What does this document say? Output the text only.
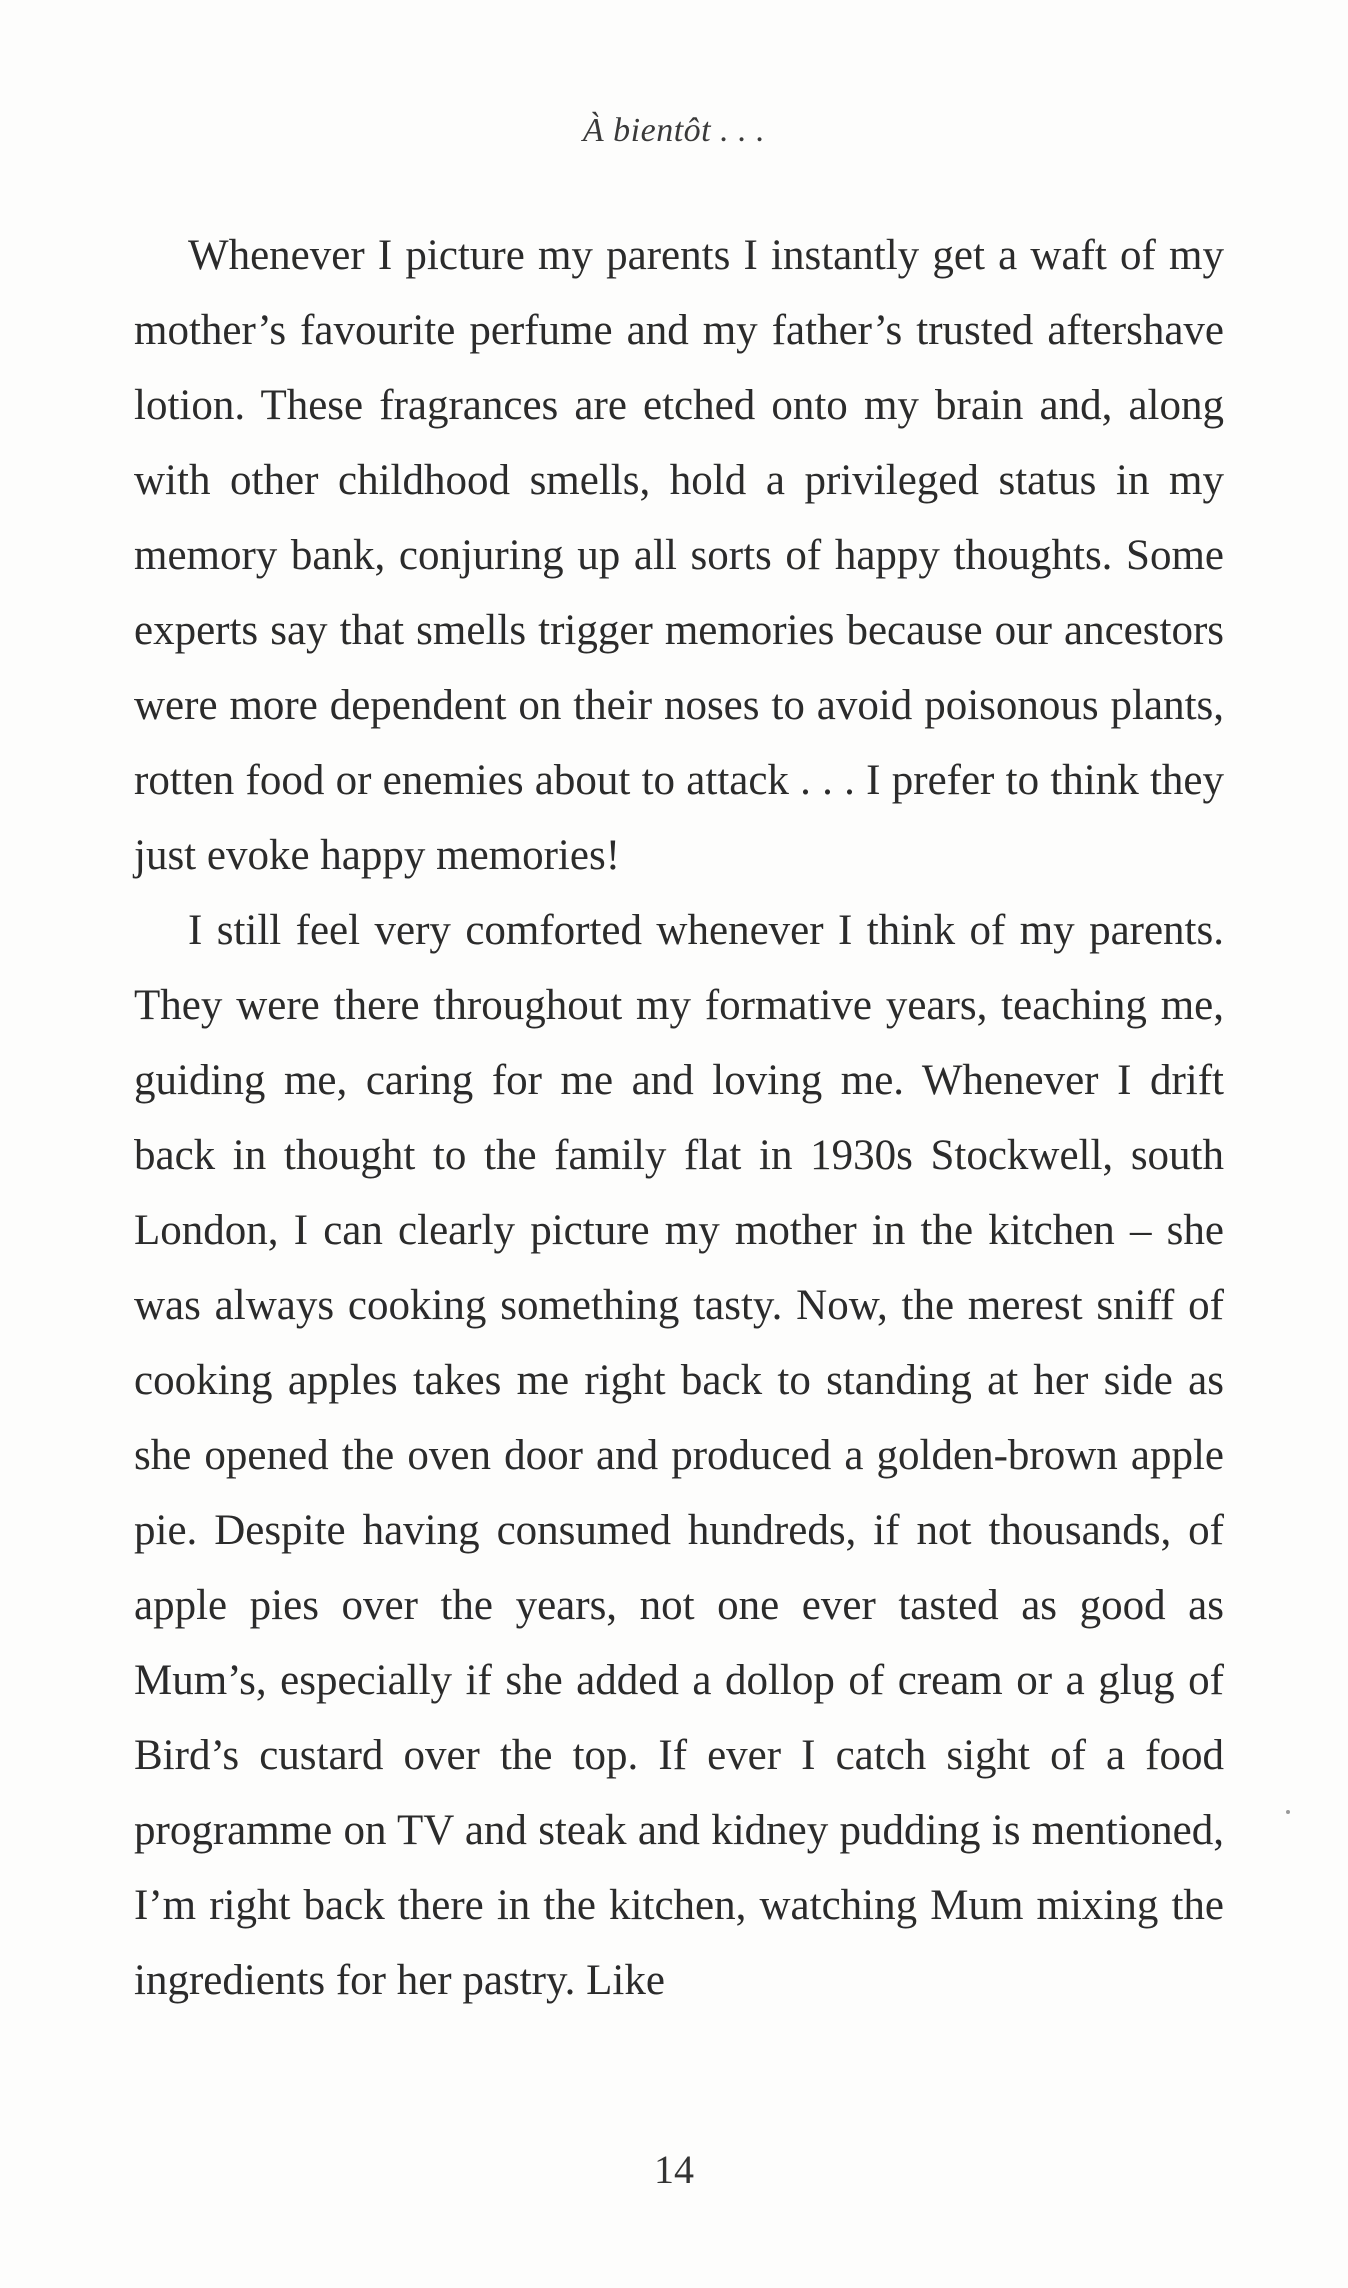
À bientôt . . .

Whenever I picture my parents I instantly get a waft of my mother’s favourite perfume and my father’s trusted aftershave lotion. These fragrances are etched onto my brain and, along with other childhood smells, hold a privileged status in my memory bank, conjuring up all sorts of happy thoughts. Some experts say that smells trigger memories because our ancestors were more dependent on their noses to avoid poisonous plants, rotten food or enemies about to attack . . . I prefer to think they just evoke happy memories!

I still feel very comforted whenever I think of my parents. They were there throughout my formative years, teaching me, guiding me, caring for me and loving me. Whenever I drift back in thought to the family flat in 1930s Stockwell, south London, I can clearly picture my mother in the kitchen – she was always cooking something tasty. Now, the merest sniff of cooking apples takes me right back to standing at her side as she opened the oven door and produced a golden-brown apple pie. Despite having consumed hundreds, if not thousands, of apple pies over the years, not one ever tasted as good as Mum’s, especially if she added a dollop of cream or a glug of Bird’s custard over the top. If ever I catch sight of a food programme on TV and steak and kidney pudding is mentioned, I’m right back there in the kitchen, watching Mum mixing the ingredients for her pastry. Like

14
